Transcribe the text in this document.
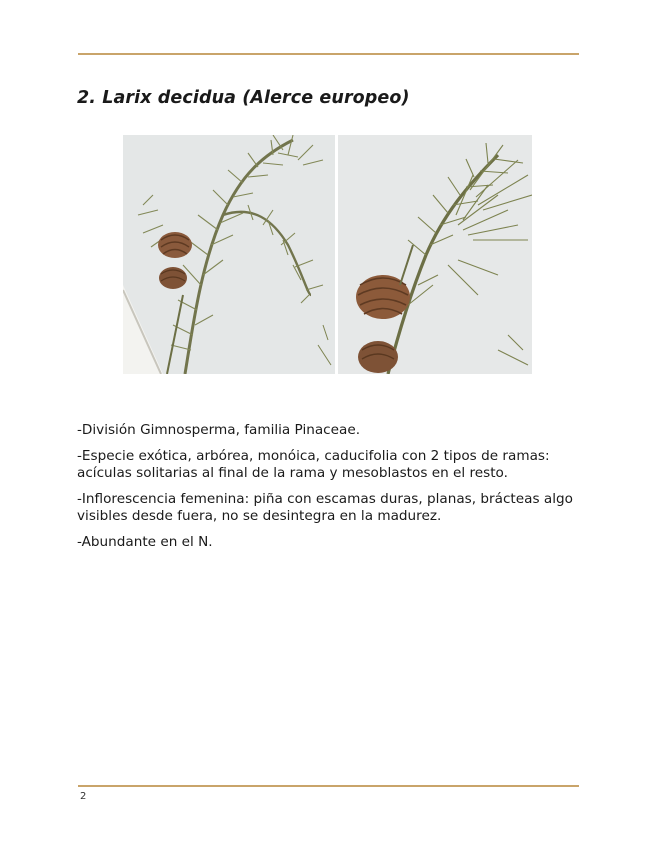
2. Larix decidua (Alerce europeo)

-División Gimnosperma, familia Pinaceae.

-Especie exótica, arbórea, monóica, caducifolia con 2 tipos de ramas: acículas solitarias al final de la rama y mesoblastos en el resto.

-Inflorescencia femenina: piña con escamas duras, planas, brácteas algo visibles desde fuera, no se desintegra en la madurez.

-Abundante en el N.

2
